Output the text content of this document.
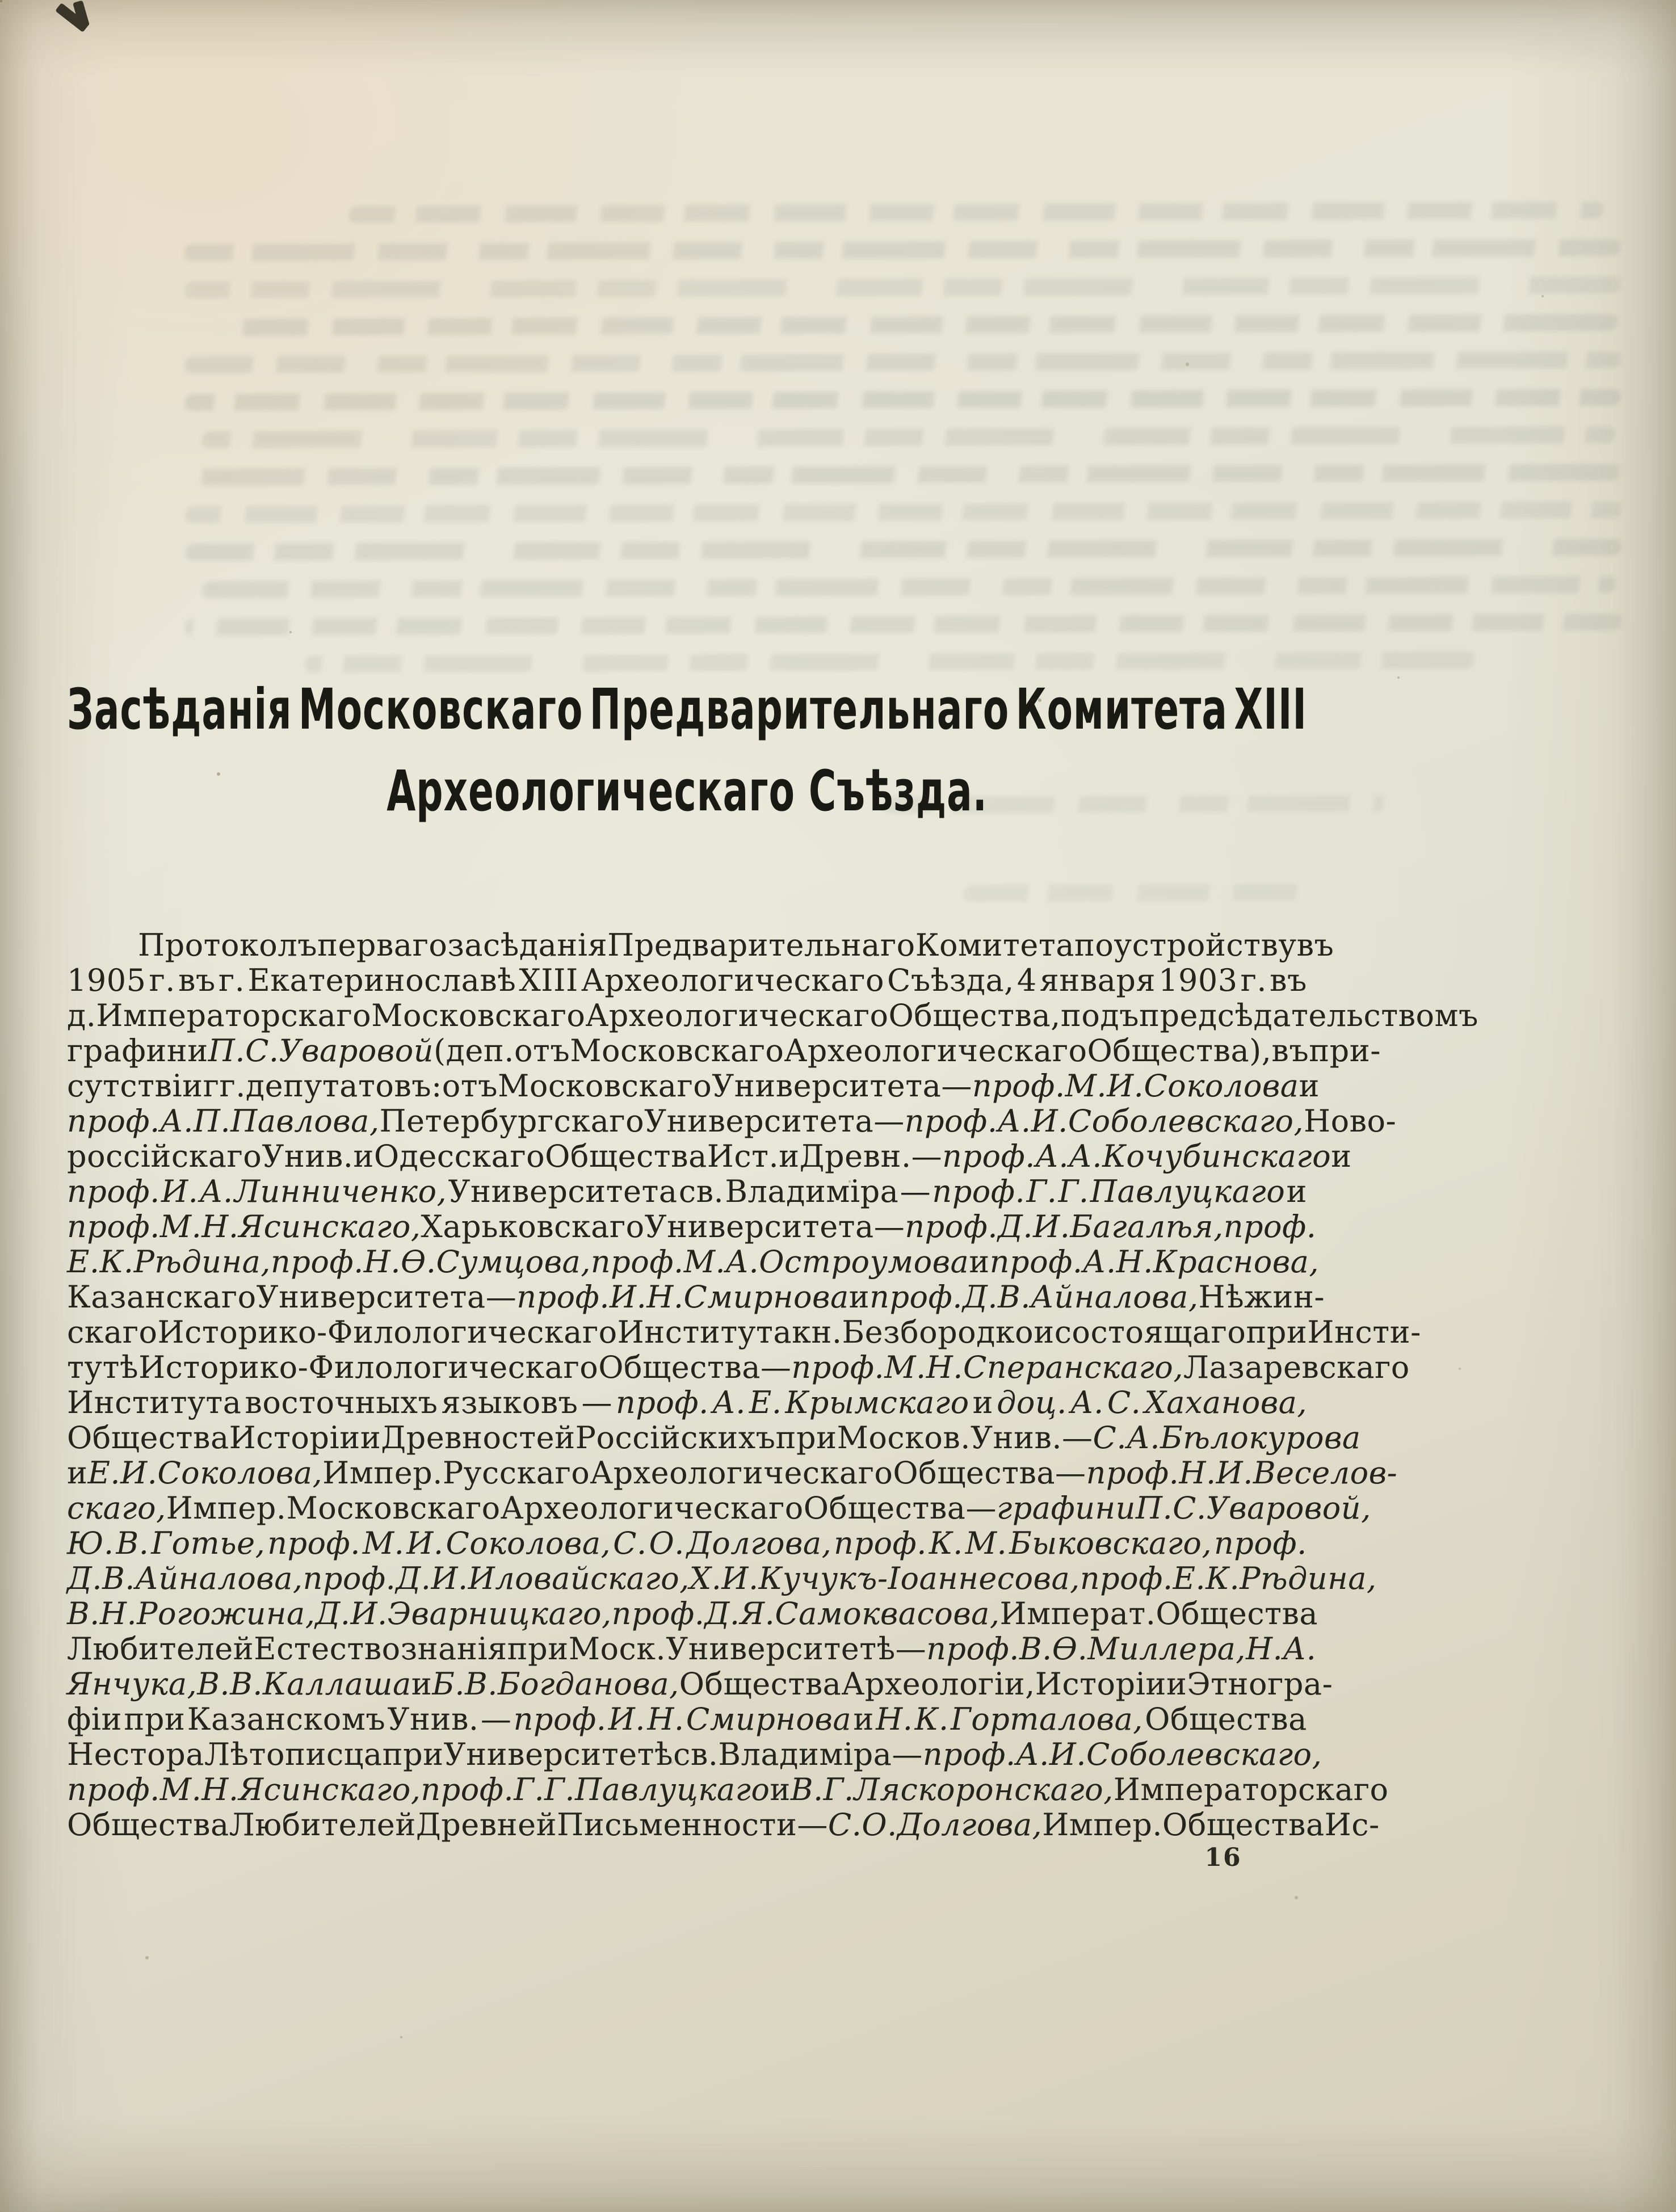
Засѣданія Московскаго Предварительнаго Комитета XIII
Археологическаго Съѣзда.
Протоколъ перваго засѣданія Предварительнаго Комитета по устройству въ
1905 г. въ г. Екатеринославѣ XIII Археологическаго Съѣзда, 4 января 1903 г. въ
д. Императорскаго Московскаго Археологическаго Общества, подъ предсѣдательствомъ
графини П. С. Уваровой (деп. отъ Московскаго Археологическаго Общества), въ при-
сутствіи гг. депутатовъ: отъ Московскаго Университета— проф. М. И. Соколова и
проф. А. П. Павлова, Петербургскаго Университета— проф. А. И. Соболевскаго, Ново-
россійскаго Унив. и Одесскаго Общества Ист. и Древн. — проф. А. А. Кочубинскаго и
проф. И. А. Линниченко, Университета св. Владиміра — проф. Г. Г. Павлуцкаго и
проф. М. Н. Ясинскаго, Харьковскаго Университета — проф. Д. И. Багалѣя, проф.
Е. К. Рѣдина, проф. Н. Ѳ. Сумцова, проф. М. А. Остроумова и проф. А. Н. Краснова,
Казанскаго Университета — проф. И. Н. Смирнова и проф. Д. В. Айналова, Нѣжин-
скаго Историко-Филологическаго Института кн. Безбородко и состоящаго при Инсти-
тутѣ Историко-Филологическаго Общества — проф. М. Н. Сперанскаго, Лазаревскаго
Института восточныхъ языковъ — проф. А. Е. Крымскаго и доц. А. С. Хаханова,
Общества Исторіи и Древностей Россійскихъ при Москов. Унив. — С. А. Бѣлокурова
и Е. И. Соколова, Импер. Русскаго Археологическаго Общества— проф. Н. И. Веселов-
скаго, Импер. Московскаго Археологическаго Общества — графини П. С. Уваровой,
Ю. В. Готье, проф. М. И. Соколова, С. О. Долгова, проф. К. М. Быковскаго, проф.
Д. В. Айналова, проф. Д. И. Иловайскаго, Х. И. Кучукъ-Іоаннесова, проф. Е. К. Рѣдина,
В. Н. Рогожина, Д. И. Эварницкаго, проф. Д. Я. Самоквасова, Императ. Общества
Любителей Естествознанія при Моск. Университетѣ — проф. В. Ѳ. Миллера, Н. А.
Янчука, В. В. Каллаша и Б. В. Богданова, Общества Археологіи, Исторіи и Этногра-
фіи при Казанскомъ Унив. — проф. И. Н. Смирнова и Н. К. Горталова, Общества
Нестора Лѣтописца при Университетѣ св. Владиміра — проф. А. И. Соболевскаго,
проф. М. Н. Ясинскаго, проф. Г. Г. Павлуцкаго и В. Г. Ляскоронскаго, Императорскаго
Общества Любителей Древней Письменности — С. О. Долгова, Импер. Общества Ис-
16
